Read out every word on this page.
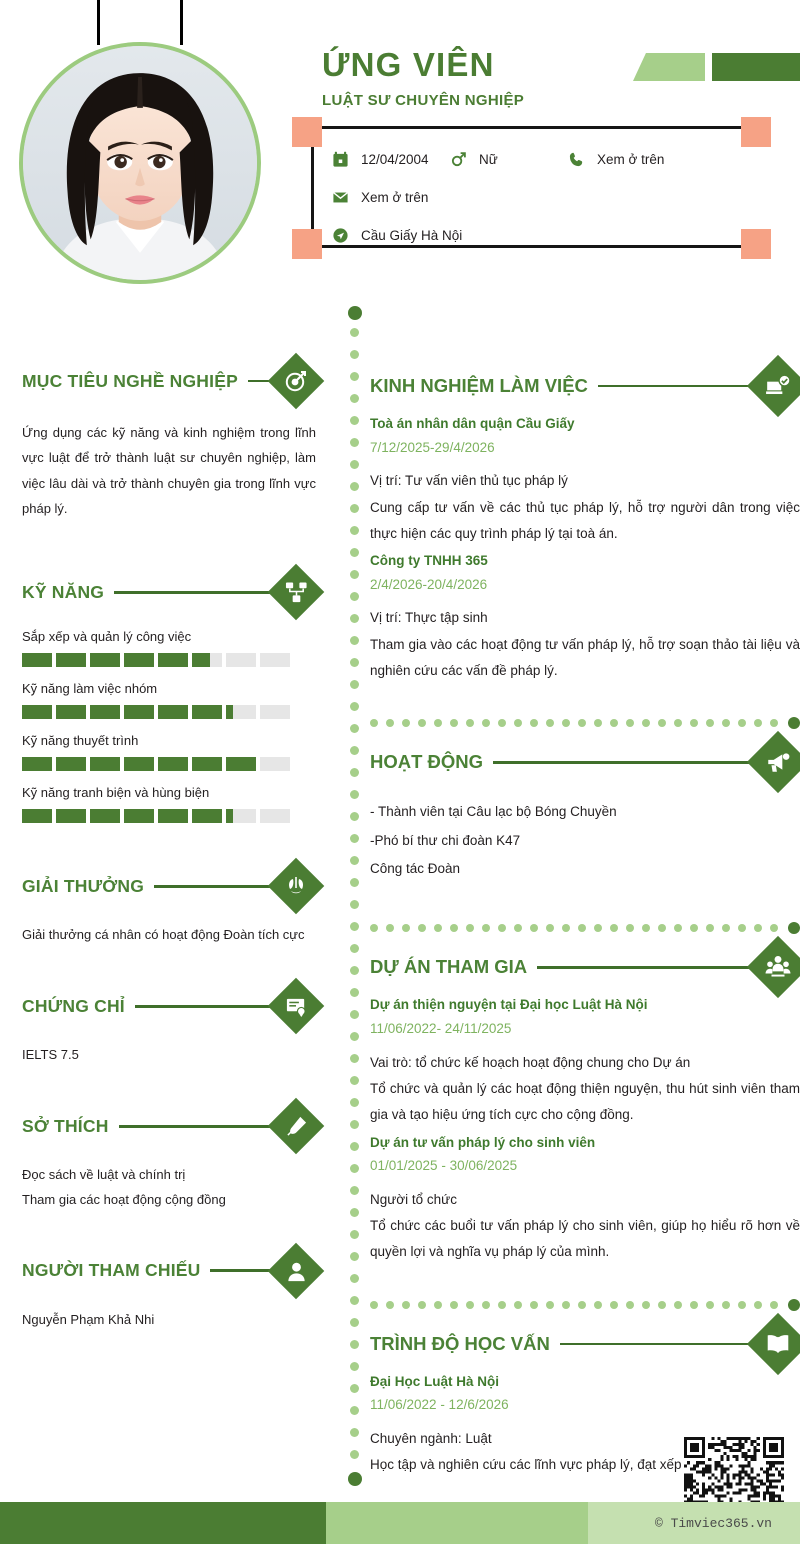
ỨNG VIÊN
LUẬT SƯ CHUYÊN NGHIỆP
12/04/2004	Nữ	Xem ở trên
Xem ở trên
Cầu Giấy Hà Nội
MỤC TIÊU NGHỀ NGHIỆP
Ứng dụng các kỹ năng và kinh nghiệm trong lĩnh vực luật để trở thành luật sư chuyên nghiệp, làm việc lâu dài và trở thành chuyên gia trong lĩnh vực pháp lý.
KỸ NĂNG
Sắp xếp và quản lý công việc
Kỹ năng làm việc nhóm
Kỹ năng thuyết trình
Kỹ năng tranh biện và hùng biện
GIẢI THƯỞNG
Giải thưởng cá nhân có hoạt động Đoàn tích cực
CHỨNG CHỈ
IELTS 7.5
SỞ THÍCH
Đọc sách về luật và chính trị
Tham gia các hoạt động cộng đồng
NGƯỜI THAM CHIẾU
Nguyễn Phạm Khả Nhi
KINH NGHIỆM LÀM VIỆC
Toà án nhân dân quận Cầu Giấy
7/12/2025-29/4/2026
Vị trí: Tư vấn viên thủ tục pháp lý
Cung cấp tư vấn về các thủ tục pháp lý, hỗ trợ người dân trong việc thực hiện các quy trình pháp lý tại toà án.
Công ty TNHH 365
2/4/2026-20/4/2026
Vị trí: Thực tập sinh
Tham gia vào các hoạt động tư vấn pháp lý, hỗ trợ soạn thảo tài liệu và nghiên cứu các vấn đề pháp lý.
HOẠT ĐỘNG
- Thành viên tại Câu lạc bộ Bóng Chuyền
-Phó bí thư chi đoàn K47
Công tác Đoàn
DỰ ÁN THAM GIA
Dự án thiện nguyện tại Đại học Luật Hà Nội
11/06/2022- 24/11/2025
Vai trò: tổ chức kế hoạch hoạt động chung cho Dự án
Tổ chức và quản lý các hoạt động thiện nguyện, thu hút sinh viên tham gia và tạo hiệu ứng tích cực cho cộng đồng.
Dự án tư vấn pháp lý cho sinh viên
01/01/2025 - 30/06/2025
Người tổ chức
Tổ chức các buổi tư vấn pháp lý cho sinh viên, giúp họ hiểu rõ hơn về quyền lợi và nghĩa vụ pháp lý của mình.
TRÌNH ĐỘ HỌC VẤN
Đại Học Luật Hà Nội
11/06/2022 - 12/6/2026
Chuyên ngành: Luật
Học tập và nghiên cứu các lĩnh vực pháp lý, đạt xếp
© Timviec365.vn
